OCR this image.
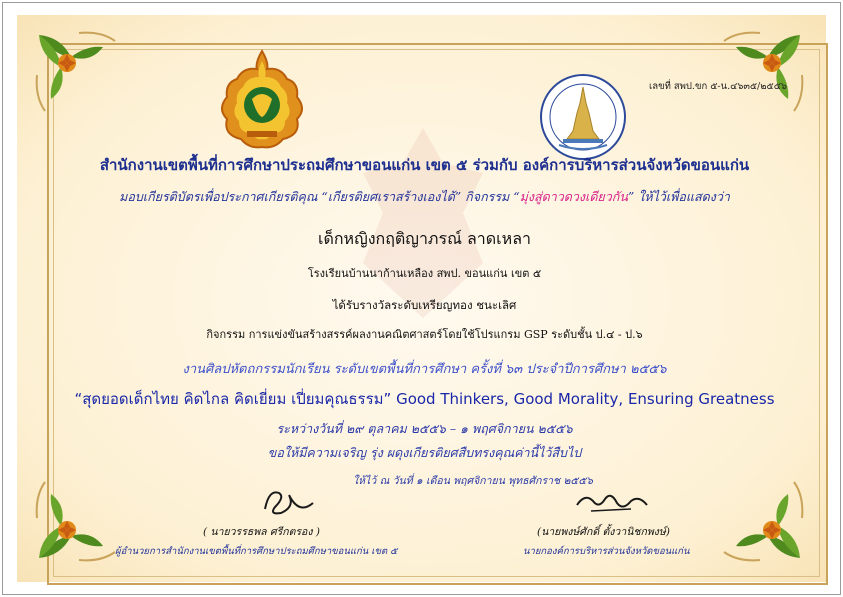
เลขที่ สพป.ขก ๕-น.๔๖๓๕/๒๕๕๖
สำนักงานเขตพื้นที่การศึกษาประถมศึกษาขอนแก่น เขต ๕ ร่วมกับ องค์การบริหารส่วนจังหวัดขอนแก่น
มอบเกียรติบัตรเพื่อประกาศเกียรติคุณ “เกียรติยศเราสร้างเองได้” กิจกรรม “มุ่งสู่ดาวดวงเดียวกัน” ให้ไว้เพื่อแสดงว่า
เด็กหญิงกฤติญาภรณ์ ลาดเหลา
โรงเรียนบ้านนาก้านเหลือง สพป. ขอนแก่น เขต ๕
ได้รับรางวัลระดับเหรียญทอง ชนะเลิศ
กิจกรรม การแข่งขันสร้างสรรค์ผลงานคณิตศาสตร์โดยใช้โปรแกรม GSP ระดับชั้น ป.๔ - ป.๖
งานศิลปหัตถกรรมนักเรียน ระดับเขตพื้นที่การศึกษา ครั้งที่ ๖๓ ประจำปีการศึกษา ๒๕๕๖
“สุดยอดเด็กไทย คิดไกล คิดเยี่ยม เปี่ยมคุณธรรม” Good Thinkers, Good Morality, Ensuring Greatness
ระหว่างวันที่ ๒๙ ตุลาคม ๒๕๕๖ – ๑ พฤศจิกายน ๒๕๕๖
ขอให้มีความเจริญ รุ่ง ผดุงเกียรติยศสืบทรงคุณค่านี้ไว้สืบไป
ให้ไว้ ณ วันที่ ๑ เดือน พฤศจิกายน พุทธศักราช ๒๕๕๖
( นายวรรธพล ศรีกตรอง )
ผู้อำนวยการสำนักงานเขตพื้นที่การศึกษาประถมศึกษาขอนแก่น เขต ๕
(นายพงษ์ศักดิ์ ตั้งวานิชกพงษ์)
นายกองค์การบริหารส่วนจังหวัดขอนแก่น
